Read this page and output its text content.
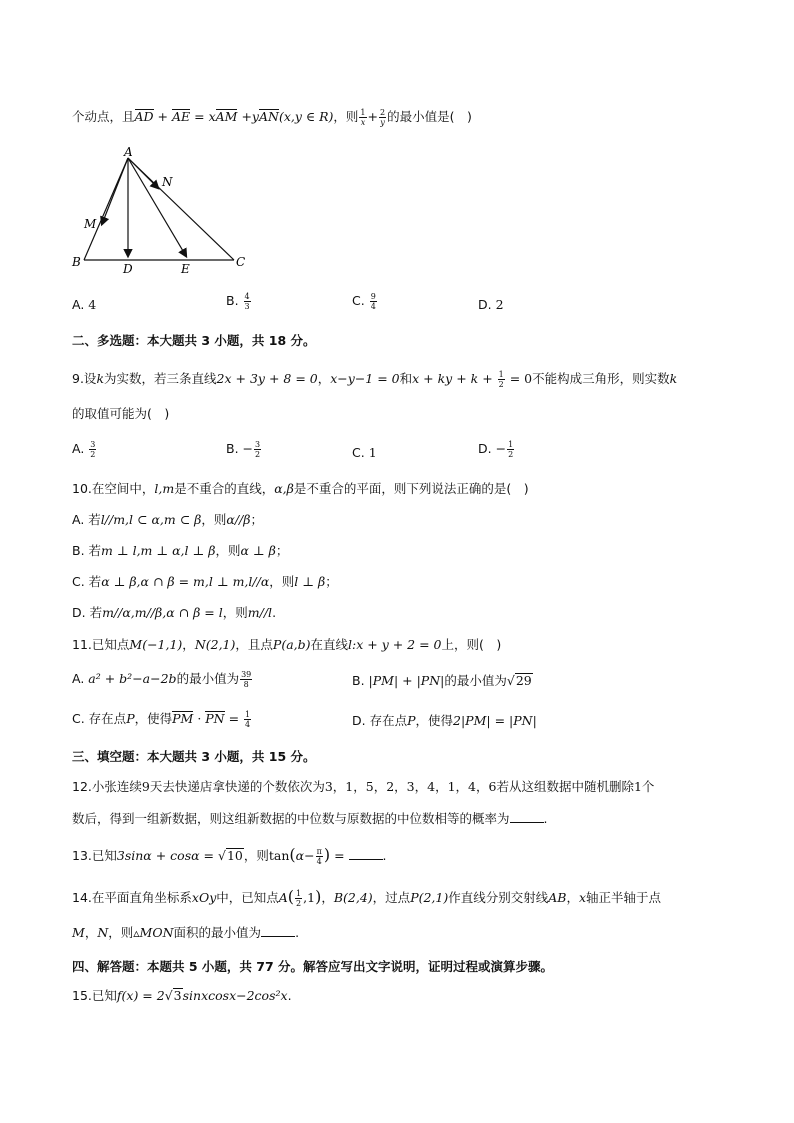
个动点，且AD + AE = xAM +yAN(x,y ∈ R)，则 $\frac{1}{x} + \frac{2}{y}$ 的最小值是(　)
A
N
M
B	D	E	C
A. 4	B. $\frac{4}{3}$	C. $\frac{9}{4}$	D. 2
二、多选题：本大题共 3 小题，共 18 分。
9.设k为实数，若三条直线2x + 3y + 8 = 0，x−y−1 = 0和x + ky + $k + \frac{1}{2} = 0$不能构成三角形，则实数k
的取值可能为(　)
A. $\frac{3}{2}$	B. − $\frac{3}{2}$	C. 1	D. − $\frac{1}{2}$
10.在空间中，l,m是不重合的直线，α,β是不重合的平面，则下列说法正确的是(　)
A. 若l//m,l ⊂ α,m ⊂ β，则α//β；
B. 若m ⊥ l,m ⊥ α,l ⊥ β，则α ⊥ β；
C. 若α ⊥ β,α ∩ β = m,l ⊥ m,l//α，则l ⊥ β；
D. 若m//α,m//β,α ∩ β = l，则m//l.
11.已知点M(−1,1)，N(2,1)，且点P(a,b)在直线l:x + y + 2 = 0上，则(　)
A. a² + b²−a−2b的最小值为 $\frac{39}{8}$	B. |PM| + |PN|的最小值为√29
C. 存在点P，使得PM · PN = $\frac{1}{4}$	D. 存在点P，使得2|PM| = |PN|
三、填空题：本大题共 3 小题，共 15 分。
12.小张连续9天去快递店拿快递的个数依次为3，1，5，2，3，4，1，4，6若从这组数据中随机删除1个
数后，得到一组新数据，则这组新数据的中位数与原数据的中位数相等的概率为	.
13.已知3sinα + cosα = √10，则$\tan(\alpha- \frac{\pi}{4}$ ) =	.
14.在平面直角坐标系xOy中，已知点$A( \frac{1}{2} ,1)$，B(2,4)，过点P(2,1)作直线分别交射线AB，x轴正半轴于点
M，N，则▵MON面积的最小值为	.
四、解答题：本题共 5 小题，共 77 分。解答应写出文字说明，证明过程或演算步骤。
15.已知f(x) = 2√3sinxcosx−2cos²x.
